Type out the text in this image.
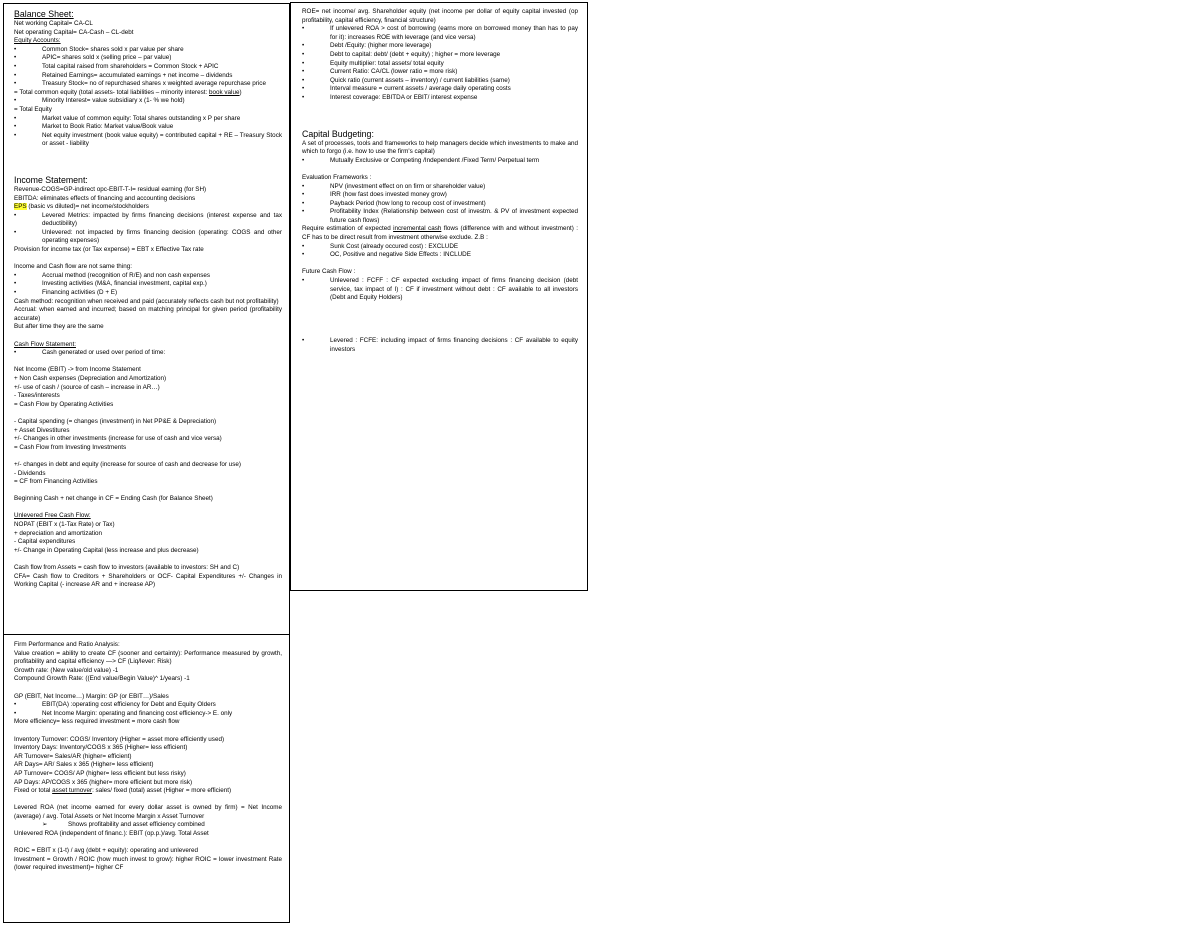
Balance Sheet:
Net working Capital= CA-CL
Net operating Capital= CA-Cash – CL-debt
Equity Accounts:
•	Common Stock= shares sold x par value per share
•	APIC= shares sold x (selling price – par value)
•	Total capital raised from shareholders = Common Stock + APIC
•	Retained Earnings= accumulated earnings + net income – dividends
•	Treasury Stock= no of repurchased shares x weighted average repurchase price
= Total common equity (total assets- total liabilities – minority interest: book value)
•	Minority Interest= value subsidiary x (1- % we hold)
= Total Equity
•	Market value of common equity: Total shares outstanding x P per share
•	Market to Book Ratio: Market value/Book value
•	Net equity investment (book value equity) = contributed capital + RE – Treasury Stock or asset - liability
Income Statement:
Revenue-COGS=GP-indirect opc-EBIT-T-I= residual earning (for SH)
EBITDA: eliminates effects of financing and accounting decisions
EPS (basic vs diluted)= net income/stockholders
•	Levered Metrics: impacted by firms financing decisions (interest expense and tax deductibility)
•	Unlevered: not impacted by firms financing decision (operating: COGS and other operating expenses)
Provision for income tax (or Tax expense) = EBT x Effective Tax rate
Income and Cash flow are not same thing:
•	Accrual method (recognition of R/E) and non cash expenses
•	Investing activities (M&A, financial investment, capital exp.)
•	Financing activities (D + E)
Cash method: recognition when received and paid (accurately reflects cash but not profitability)
Accrual: when earned and incurred; based on matching principal for given period (profitability accurate)
But after time they are the same
Cash Flow Statement:
•	Cash generated or used over period of time:
Net Income (EBIT) -> from Income Statement
+ Non Cash expenses (Depreciation and Amortization)
+/- use of cash / (source of cash – increase in AR…)
- Taxes/interests
= Cash Flow by Operating Activities
- Capital spending (= changes (investment) in Net PP&E & Depreciation)
+ Asset Divestitures
+/- Changes in other investments (increase for use of cash and vice versa)
= Cash Flow from Investing Investments
+/- changes in debt and equity (increase for source of cash and decrease for use)
- Dividends
= CF from Financing Activities
Beginning Cash + net change in CF = Ending Cash (for Balance Sheet)
Unlevered Free Cash Flow:
NOPAT (EBIT x (1-Tax Rate) or Tax)
+ depreciation and amortization
- Capital expenditures
+/- Change in Operating Capital (less increase and plus decrease)
Cash flow from Assets = cash flow to investors (available to investors: SH and C)
CFA= Cash flow to Creditors + Shareholders or OCF- Capital Expenditures +/- Changes in Working Capital (- increase AR and + increase AP)
Firm Performance and Ratio Analysis:
Value creation = ability to create CF (sooner and certainty): Performance measured by growth, profitability and capital efficiency —> CF (Liq/lever: Risk)
Growth rate: (New value/old value) -1
Compound Growth Rate: ((End value/Begin Value)^ 1/years) -1
GP (EBIT, Net Income…) Margin: GP (or EBIT…)/Sales
•	EBIT(DA) :operating cost efficiency for Debt and Equity Olders
•	Net Income Margin: operating and financing cost efficiency-> E. only
More efficiency= less required investment = more cash flow
Inventory Turnover: COGS/ Inventory (Higher = asset more efficiently used)
Inventory Days: Inventory/COGS x 365 (Higher= less efficient)
AR Turnover= Sales/AR (higher= efficient)
AR Days= AR/ Sales x 365 (Higher= less efficient)
AP Turnover= COGS/ AP (higher= less efficient but less risky)
AP Days: AP/COGS x 365 (higher= more efficient but more risk)
Fixed or total asset turnover: sales/ fixed (total) asset (Higher = more efficient)
Levered ROA (net income earned for every dollar asset is owned by firm) = Net Income (average) / avg. Total Assets or Net Income Margin x Asset Turnover
➢	Shows profitability and asset efficiency combined
Unlevered ROA (independent of financ.): EBIT (op.p.)/avg. Total Asset
ROIC = EBIT x (1-t) / avg (debt + equity): operating and unlevered
Investment = Growth / ROIC (how much invest to grow): higher ROIC = lower investment Rate (lower required investment)= higher CF
ROE= net income/ avg. Shareholder equity (net income per dollar of equity capital invested (op profitability, capital efficiency, financial structure)
•	If unlevered ROA > cost of borrowing (earns more on borrowed money than has to pay for it): increases ROE with leverage (and vice versa)
•	Debt /Equity: (higher more leverage)
•	Debt to capital: debt/ (debt + equity) ; higher = more leverage
•	Equity multiplier: total assets/ total equity
•	Current Ratio: CA/CL (lower ratio = more risk)
•	Quick ratio (current assets – inventory) / current liabilities (same)
•	Interval measure = current assets / average daily operating costs
•	Interest coverage: EBITDA or EBIT/ interest expense
Capital Budgeting:
A set of processes, tools and frameworks to help managers decide which investments to make and which to forgo (i.e. how to use the firm's capital)
•	Mutually Exclusive or Competing /Independent /Fixed Term/ Perpetual term
Evaluation Frameworks :
•	NPV (investment effect on on firm or shareholder value)
•	IRR (how fast does invested money grow)
•	Payback Period (how long to recoup cost of investment)
•	Profitability Index (Relationship between cost of investm. & PV of investment expected future cash flows)
Require estimation of expected incremental cash flows (difference with and without investment) : CF has to be direct result from investment otherwise exclude. Z.B :
•	Sunk Cost (already occured cost) : EXCLUDE
•	OC, Positive and negative Side Effects : INCLUDE
Future Cash Flow :
•	Unlevered : FCFF : CF expected excluding impact of firms financing decision (debt service, tax impact of I) : CF if investment without debt : CF available to all investors (Debt and Equity Holders)
•	Levered : FCFE: including impact of firms financing decisions : CF available to equity investors
